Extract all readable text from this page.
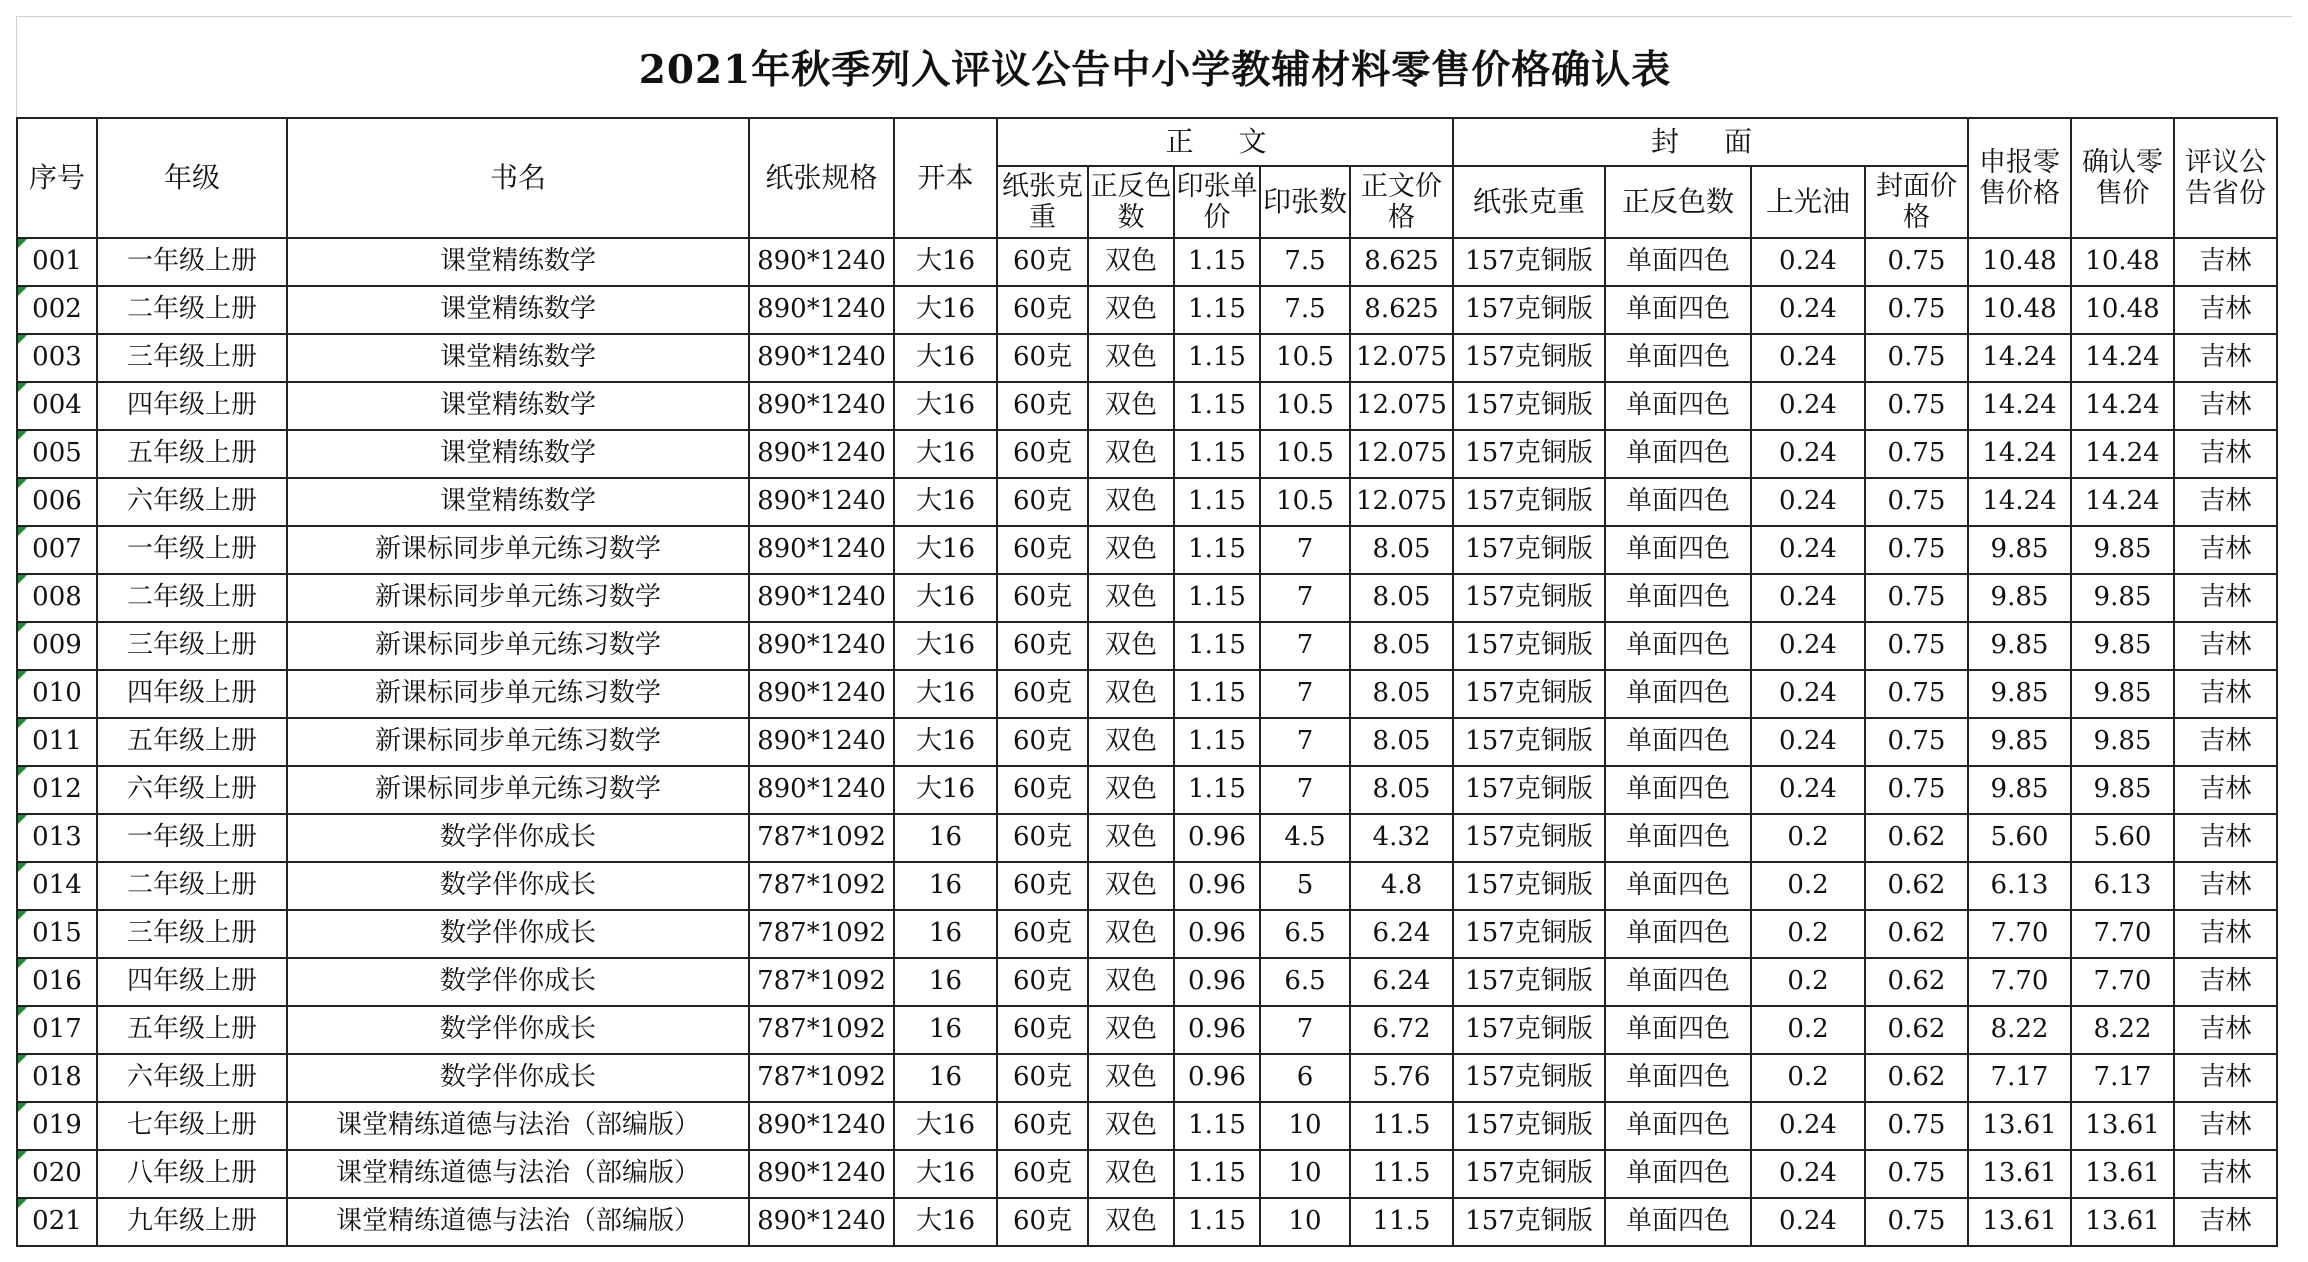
2021年秋季列入评议公告中小学教辅材料零售价格确认表
序号	年级	书名	纸张规格	开本	正 文					封 面				申报零售价格	确认零售价	评议公告省份
					纸张克重	正反色数	印张单价	印张数	正文价格	纸张克重	正反色数	上光油	封面价格			
001	一年级上册	课堂精练数学	890*1240	大16	60克	双色	1.15	7.5	8.625	157克铜版	单面四色	0.24	0.75	10.48	10.48	吉林
002	二年级上册	课堂精练数学	890*1240	大16	60克	双色	1.15	7.5	8.625	157克铜版	单面四色	0.24	0.75	10.48	10.48	吉林
003	三年级上册	课堂精练数学	890*1240	大16	60克	双色	1.15	10.5	12.075	157克铜版	单面四色	0.24	0.75	14.24	14.24	吉林
004	四年级上册	课堂精练数学	890*1240	大16	60克	双色	1.15	10.5	12.075	157克铜版	单面四色	0.24	0.75	14.24	14.24	吉林
005	五年级上册	课堂精练数学	890*1240	大16	60克	双色	1.15	10.5	12.075	157克铜版	单面四色	0.24	0.75	14.24	14.24	吉林
006	六年级上册	课堂精练数学	890*1240	大16	60克	双色	1.15	10.5	12.075	157克铜版	单面四色	0.24	0.75	14.24	14.24	吉林
007	一年级上册	新课标同步单元练习数学	890*1240	大16	60克	双色	1.15	7	8.05	157克铜版	单面四色	0.24	0.75	9.85	9.85	吉林
008	二年级上册	新课标同步单元练习数学	890*1240	大16	60克	双色	1.15	7	8.05	157克铜版	单面四色	0.24	0.75	9.85	9.85	吉林
009	三年级上册	新课标同步单元练习数学	890*1240	大16	60克	双色	1.15	7	8.05	157克铜版	单面四色	0.24	0.75	9.85	9.85	吉林
010	四年级上册	新课标同步单元练习数学	890*1240	大16	60克	双色	1.15	7	8.05	157克铜版	单面四色	0.24	0.75	9.85	9.85	吉林
011	五年级上册	新课标同步单元练习数学	890*1240	大16	60克	双色	1.15	7	8.05	157克铜版	单面四色	0.24	0.75	9.85	9.85	吉林
012	六年级上册	新课标同步单元练习数学	890*1240	大16	60克	双色	1.15	7	8.05	157克铜版	单面四色	0.24	0.75	9.85	9.85	吉林
013	一年级上册	数学伴你成长	787*1092	16	60克	双色	0.96	4.5	4.32	157克铜版	单面四色	0.2	0.62	5.60	5.60	吉林
014	二年级上册	数学伴你成长	787*1092	16	60克	双色	0.96	5	4.8	157克铜版	单面四色	0.2	0.62	6.13	6.13	吉林
015	三年级上册	数学伴你成长	787*1092	16	60克	双色	0.96	6.5	6.24	157克铜版	单面四色	0.2	0.62	7.70	7.70	吉林
016	四年级上册	数学伴你成长	787*1092	16	60克	双色	0.96	6.5	6.24	157克铜版	单面四色	0.2	0.62	7.70	7.70	吉林
017	五年级上册	数学伴你成长	787*1092	16	60克	双色	0.96	7	6.72	157克铜版	单面四色	0.2	0.62	8.22	8.22	吉林
018	六年级上册	数学伴你成长	787*1092	16	60克	双色	0.96	6	5.76	157克铜版	单面四色	0.2	0.62	7.17	7.17	吉林
019	七年级上册	课堂精练道德与法治（部编版）	890*1240	大16	60克	双色	1.15	10	11.5	157克铜版	单面四色	0.24	0.75	13.61	13.61	吉林
020	八年级上册	课堂精练道德与法治（部编版）	890*1240	大16	60克	双色	1.15	10	11.5	157克铜版	单面四色	0.24	0.75	13.61	13.61	吉林
021	九年级上册	课堂精练道德与法治（部编版）	890*1240	大16	60克	双色	1.15	10	11.5	157克铜版	单面四色	0.24	0.75	13.61	13.61	吉林
